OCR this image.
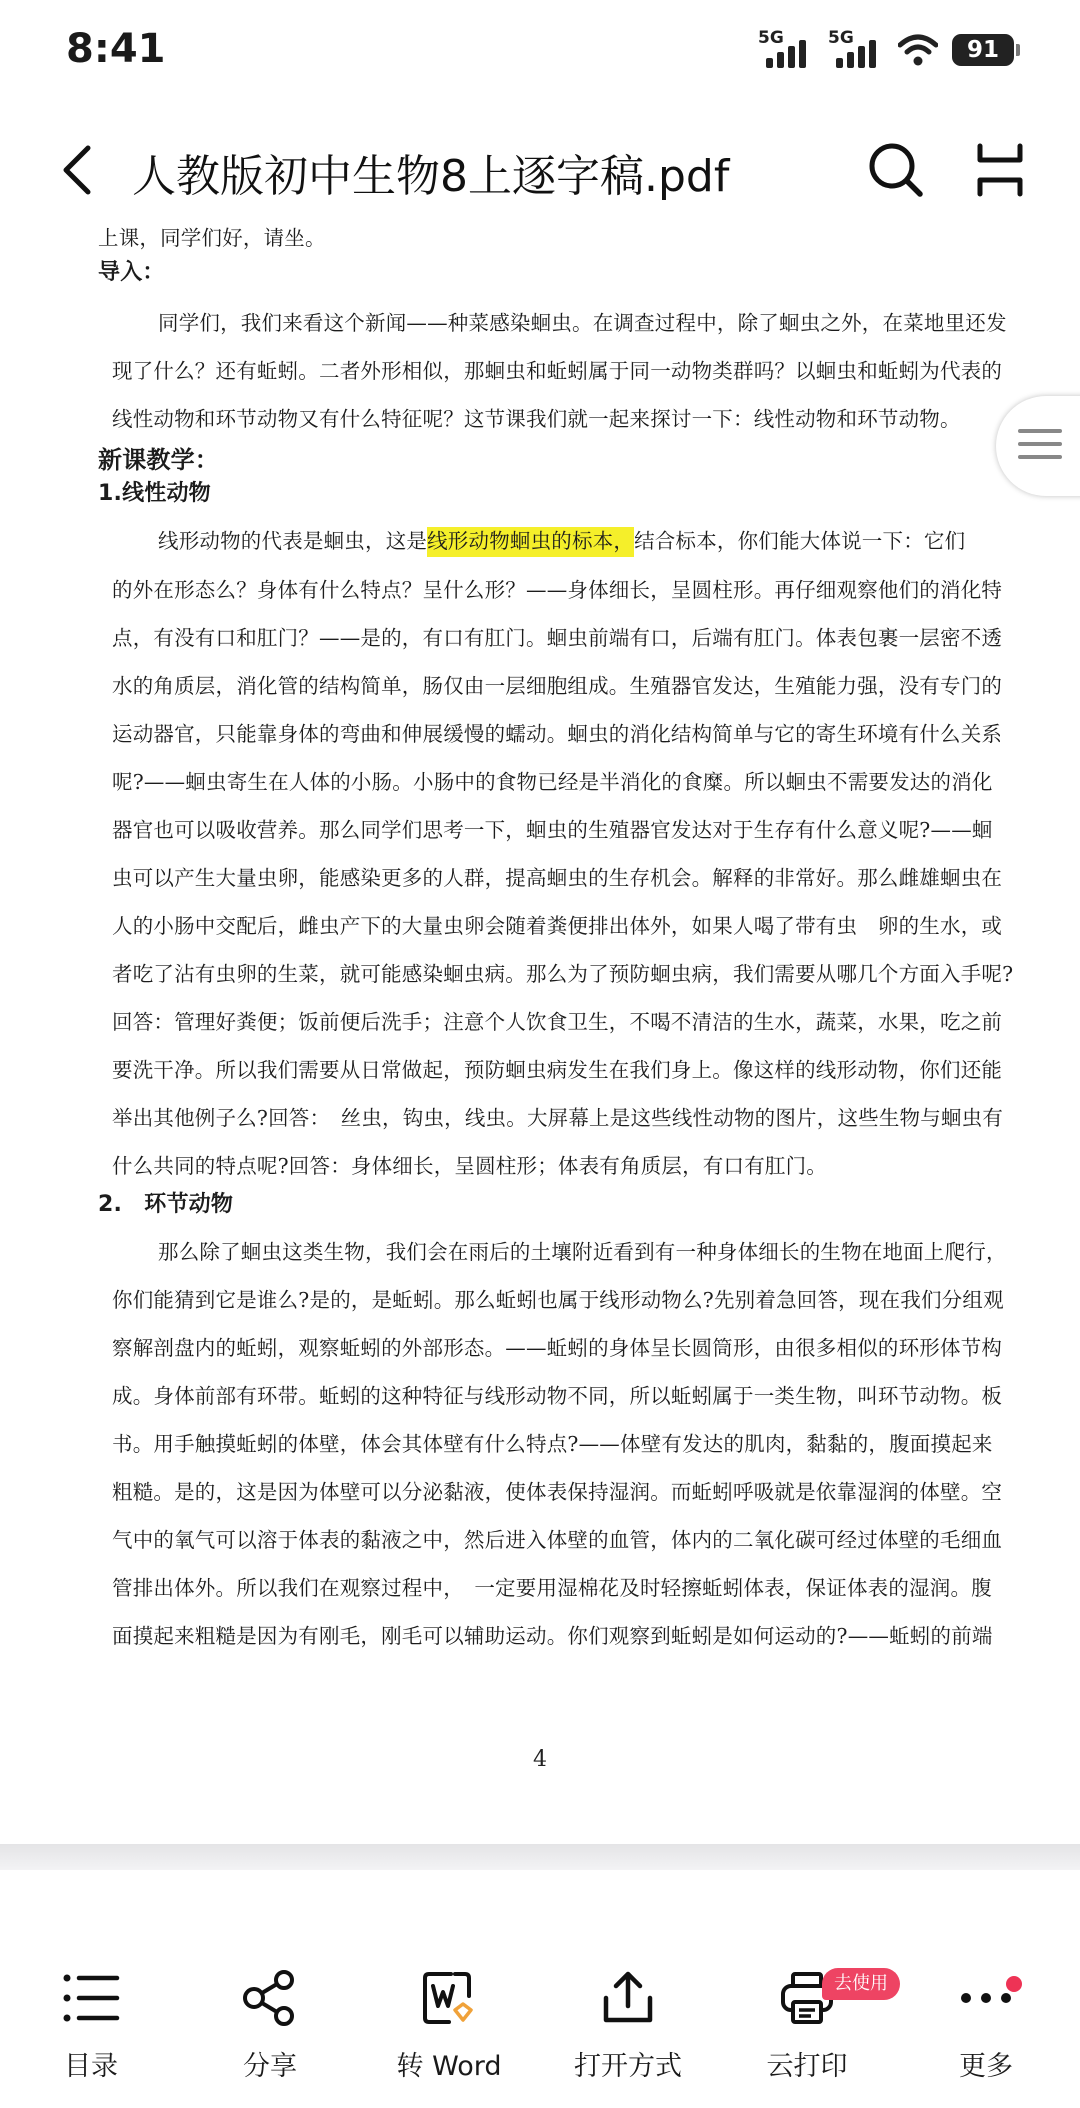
8:41	5G	5G	91
人教版初中生物8上逐字稿.pdf

上课，同学们好，请坐。

导入：

同学们，我们来看这个新闻——种菜感染蛔虫。在调查过程中，除了蛔虫之外，在菜地里还发

现了什么？还有蚯蚓。二者外形相似，那蛔虫和蚯蚓属于同一动物类群吗？以蛔虫和蚯蚓为代表的

线性动物和环节动物又有什么特征呢？这节课我们就一起来探讨一下：线性动物和环节动物。

新课教学：

1.线性动物

线形动物的代表是蛔虫，这是线形动物蛔虫的标本，结合标本，你们能大体说一下：它们

的外在形态么？身体有什么特点？呈什么形？——身体细长，呈圆柱形。再仔细观察他们的消化特

点，有没有口和肛门？——是的，有口有肛门。蛔虫前端有口，后端有肛门。体表包裹一层密不透

水的角质层，消化管的结构简单，肠仅由一层细胞组成。生殖器官发达，生殖能力强，没有专门的

运动器官，只能靠身体的弯曲和伸展缓慢的蠕动。蛔虫的消化结构简单与它的寄生环境有什么关系

呢?——蛔虫寄生在人体的小肠。小肠中的食物已经是半消化的食糜。所以蛔虫不需要发达的消化

器官也可以吸收营养。那么同学们思考一下，蛔虫的生殖器官发达对于生存有什么意义呢?——蛔

虫可以产生大量虫卵，能感染更多的人群，提高蛔虫的生存机会。解释的非常好。那么雌雄蛔虫在

人的小肠中交配后，雌虫产下的大量虫卵会随着粪便排出体外，如果人喝了带有虫　卵的生水，或

者吃了沾有虫卵的生菜，就可能感染蛔虫病。那么为了预防蛔虫病，我们需要从哪几个方面入手呢?

回答：管理好粪便；饭前便后洗手；注意个人饮食卫生，不喝不清洁的生水，蔬菜，水果，吃之前

要洗干净。所以我们需要从日常做起，预防蛔虫病发生在我们身上。像这样的线形动物，你们还能

举出其他例子么?回答：　丝虫，钩虫，线虫。大屏幕上是这些线性动物的图片，这些生物与蛔虫有

什么共同的特点呢?回答：身体细长，呈圆柱形；体表有角质层，有口有肛门。

2.　环节动物

那么除了蛔虫这类生物，我们会在雨后的土壤附近看到有一种身体细长的生物在地面上爬行，

你们能猜到它是谁么?是的，是蚯蚓。那么蚯蚓也属于线形动物么?先别着急回答，现在我们分组观

察解剖盘内的蚯蚓，观察蚯蚓的外部形态。——蚯蚓的身体呈长圆筒形，由很多相似的环形体节构

成。身体前部有环带。蚯蚓的这种特征与线形动物不同，所以蚯蚓属于一类生物，叫环节动物。板

书。用手触摸蚯蚓的体壁，体会其体壁有什么特点?——体壁有发达的肌肉，黏黏的，腹面摸起来

粗糙。是的，这是因为体壁可以分泌黏液，使体表保持湿润。而蚯蚓呼吸就是依靠湿润的体壁。空

气中的氧气可以溶于体表的黏液之中，然后进入体壁的血管，体内的二氧化碳可经过体壁的毛细血

管排出体外。所以我们在观察过程中，　一定要用湿棉花及时轻擦蚯蚓体表，保证体表的湿润。腹

面摸起来粗糙是因为有刚毛，刚毛可以辅助运动。你们观察到蚯蚓是如何运动的?——蚯蚓的前端

4
目录	分享	转 Word	打开方式	云打印	更多
去使用
